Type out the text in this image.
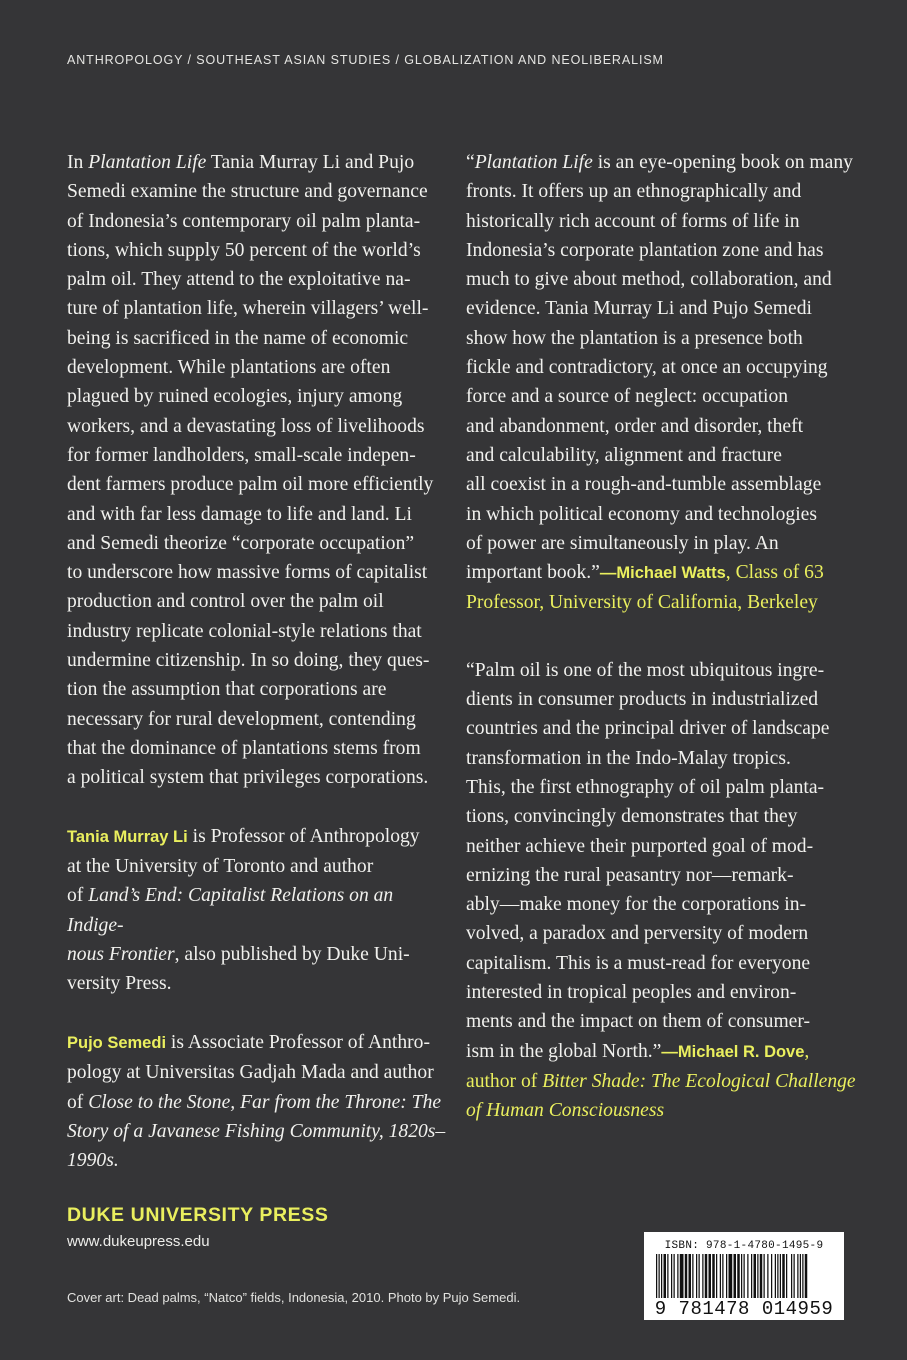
ANTHROPOLOGY / SOUTHEAST ASIAN STUDIES / GLOBALIZATION AND NEOLIBERALISM

In Plantation Life Tania Murray Li and Pujo

Semedi examine the structure and governance

of Indonesia’s contemporary oil palm planta-

tions, which supply 50 percent of the world’s

palm oil. They attend to the exploitative na-

ture of plantation life, wherein villagers’ well-

being is sacrificed in the name of economic

development. While plantations are often

plagued by ruined ecologies, injury among

workers, and a devastating loss of livelihoods

for former landholders, small-scale indepen-

dent farmers produce palm oil more efficiently

and with far less damage to life and land. Li

and Semedi theorize “corporate occupation”

to underscore how massive forms of capitalist

production and control over the palm oil

industry replicate colonial-style relations that

undermine citizenship. In so doing, they ques-

tion the assumption that corporations are

necessary for rural development, contending

that the dominance of plantations stems from

a political system that privileges corporations.

Tania Murray Li is Professor of Anthropology

at the University of Toronto and author

of Land’s End: Capitalist Relations on an Indige-

nous Frontier, also published by Duke Uni-

versity Press.

Pujo Semedi is Associate Professor of Anthro-

pology at Universitas Gadjah Mada and author

of Close to the Stone, Far from the Throne: The

Story of a Javanese Fishing Community, 1820s–1990s.

“Plantation Life is an eye-opening book on many

fronts. It offers up an ethnographically and

historically rich account of forms of life in

Indonesia’s corporate plantation zone and has

much to give about method, collaboration, and

evidence. Tania Murray Li and Pujo Semedi

show how the plantation is a presence both

fickle and contradictory, at once an occupying

force and a source of neglect: occupation

and abandonment, order and disorder, theft

and calculability, alignment and fracture

all coexist in a rough-and-tumble assemblage

in which political economy and technologies

of power are simultaneously in play. An

important book.”—Michael Watts, Class of 63

Professor, University of California, Berkeley

“Palm oil is one of the most ubiquitous ingre-

dients in consumer products in industrialized

countries and the principal driver of landscape

transformation in the Indo-Malay tropics.

This, the first ethnography of oil palm planta-

tions, convincingly demonstrates that they

neither achieve their purported goal of mod-

ernizing the rural peasantry nor—remark-

ably—make money for the corporations in-

volved, a paradox and perversity of modern

capitalism. This is a must-read for everyone

interested in tropical peoples and environ-

ments and the impact on them of consumer-

ism in the global North.”—Michael R. Dove,

author of Bitter Shade: The Ecological Challenge

of Human Consciousness

DUKE UNIVERSITY PRESS
www.dukeupress.edu
Cover art: Dead palms, “Natco” fields, Indonesia, 2010. Photo by Pujo Semedi.
ISBN: 978-1-4780-1495-9
9 781478 014959
